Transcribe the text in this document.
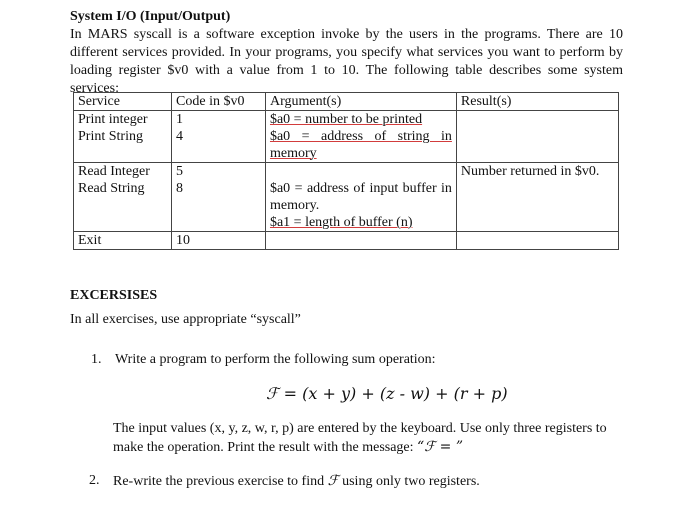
System I/O (Input/Output)
In MARS syscall is a software exception invoke by the users in the programs. There are 10 different services provided. In your programs, you specify what services you want to perform by loading register $v0 with a value from 1 to 10. The following table describes some system services:
Service	Code in $v0	Argument(s)	Result(s)
Print integer	1	$a0 = number to be printed	
Print String	4	$a0 = address of string in memory	
Read Integer	5		Number returned in $v0.
Read String	8	$a0 = address of input buffer in memory.
$a1 = length of buffer (n)	

Exit	10		
EXCERSISES
In all exercises, use appropriate “syscall”
1. Write a program to perform the following sum operation:
ℱ = (x + y) + (z - w) + (r + p)
The input values (x, y, z, w, r, p) are entered by the keyboard. Use only three registers to make the operation. Print the result with the message: “ℱ = ”
2. Re-write the previous exercise to find ℱ using only two registers.
